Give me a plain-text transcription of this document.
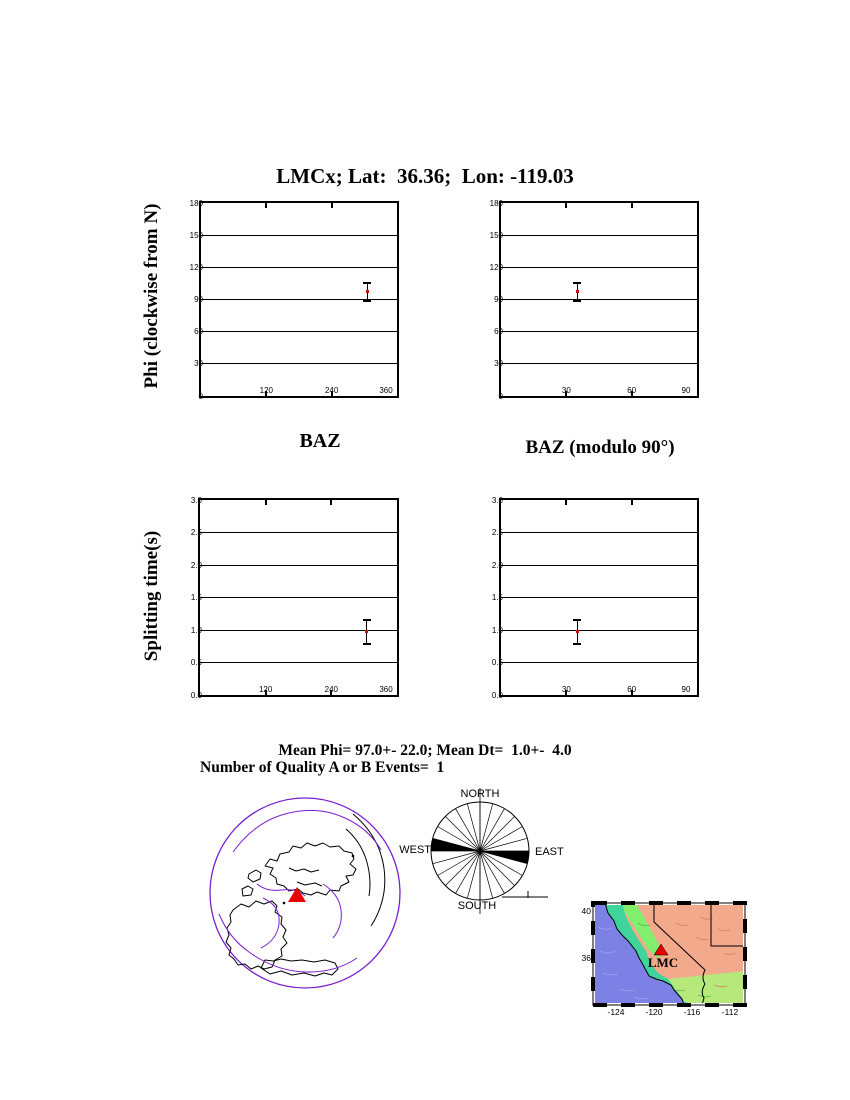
LMCx; Lat:  36.36;  Lon: -119.03
Phi (clockwise from N)
Splitting time(s)
0
30
60
90
120
150
180
120	240	360
0
30
60
90
120
150
180
30	60	90
0.0
0.5
1.0
1.5
2.0
2.5
3.0
120	240	360
0.0
0.5
1.0
1.5
2.0
2.5
3.0
30	60	90
BAZ	BAZ (modulo 90°)
Mean Phi= 97.0+- 22.0; Mean Dt=  1.0+-  4.0
Number of Quality A or B Events=  1
NORTH
SOUTH
EAST
WEST
LMC
-124 -120	-116	-112
40
36
